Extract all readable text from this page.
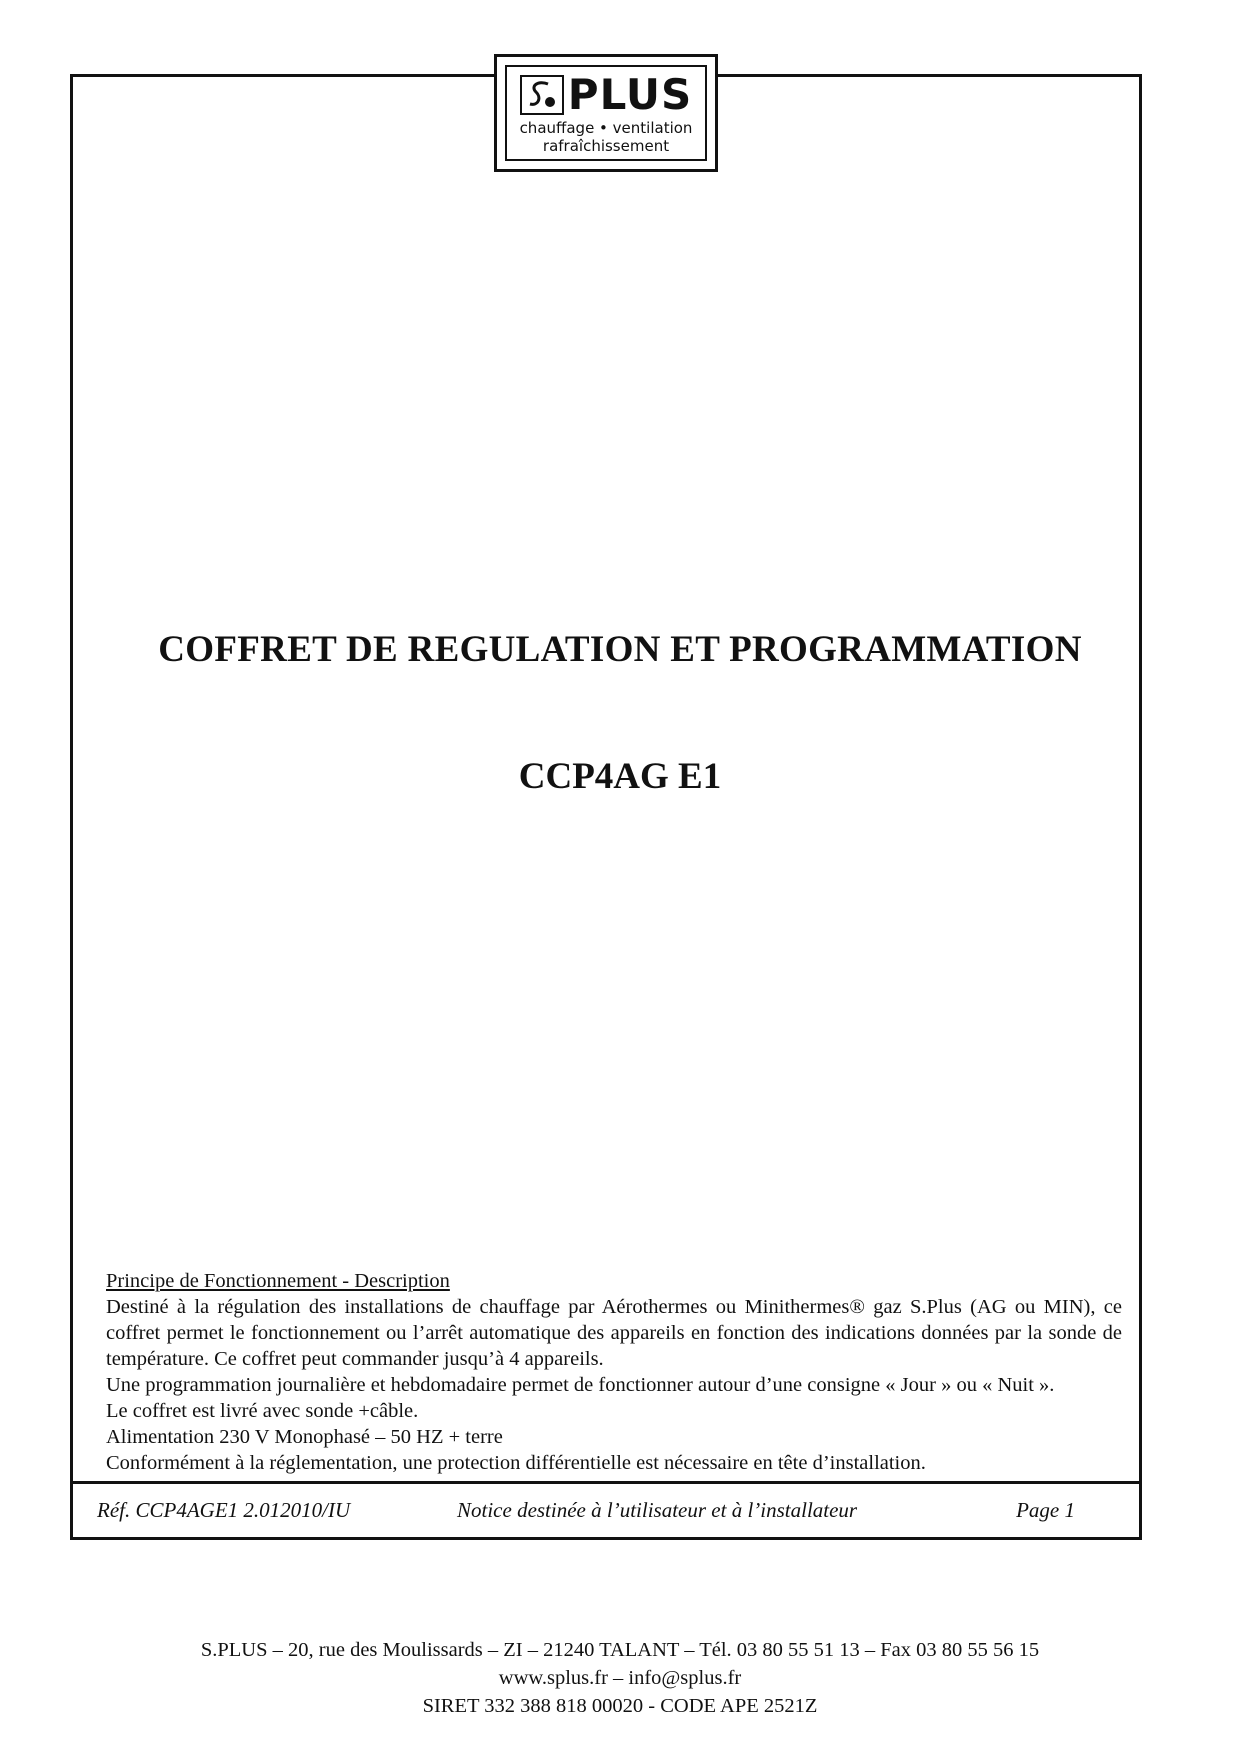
Réf. CCP4AGE1 2.012010/IU	Notice destinée à l’utilisateur et à l’installateur	Page 1
PLUS
chauffage • ventilation
rafraîchissement
COFFRET DE REGULATION ET PROGRAMMATION
CCP4AG E1

Principe de Fonctionnement - Description

Destiné à la régulation des installations de chauffage par Aérothermes ou Minithermes® gaz S.Plus (AG ou MIN), ce coffret permet le fonctionnement ou l’arrêt automatique des appareils en fonction des indications données par la sonde de température. Ce coffret peut commander jusqu’à 4 appareils.

Une programmation journalière et hebdomadaire permet de fonctionner autour d’une consigne « Jour » ou « Nuit ».

Le coffret est livré avec sonde +câble.

Alimentation 230 V Monophasé – 50 HZ + terre

Conformément à la réglementation, une protection différentielle est nécessaire en tête d’installation.

S.PLUS – 20, rue des Moulissards – ZI – 21240 TALANT – Tél. 03 80 55 51 13 – Fax 03 80 55 56 15
www.splus.fr – info@splus.fr
SIRET 332 388 818 00020 - CODE APE 2521Z
